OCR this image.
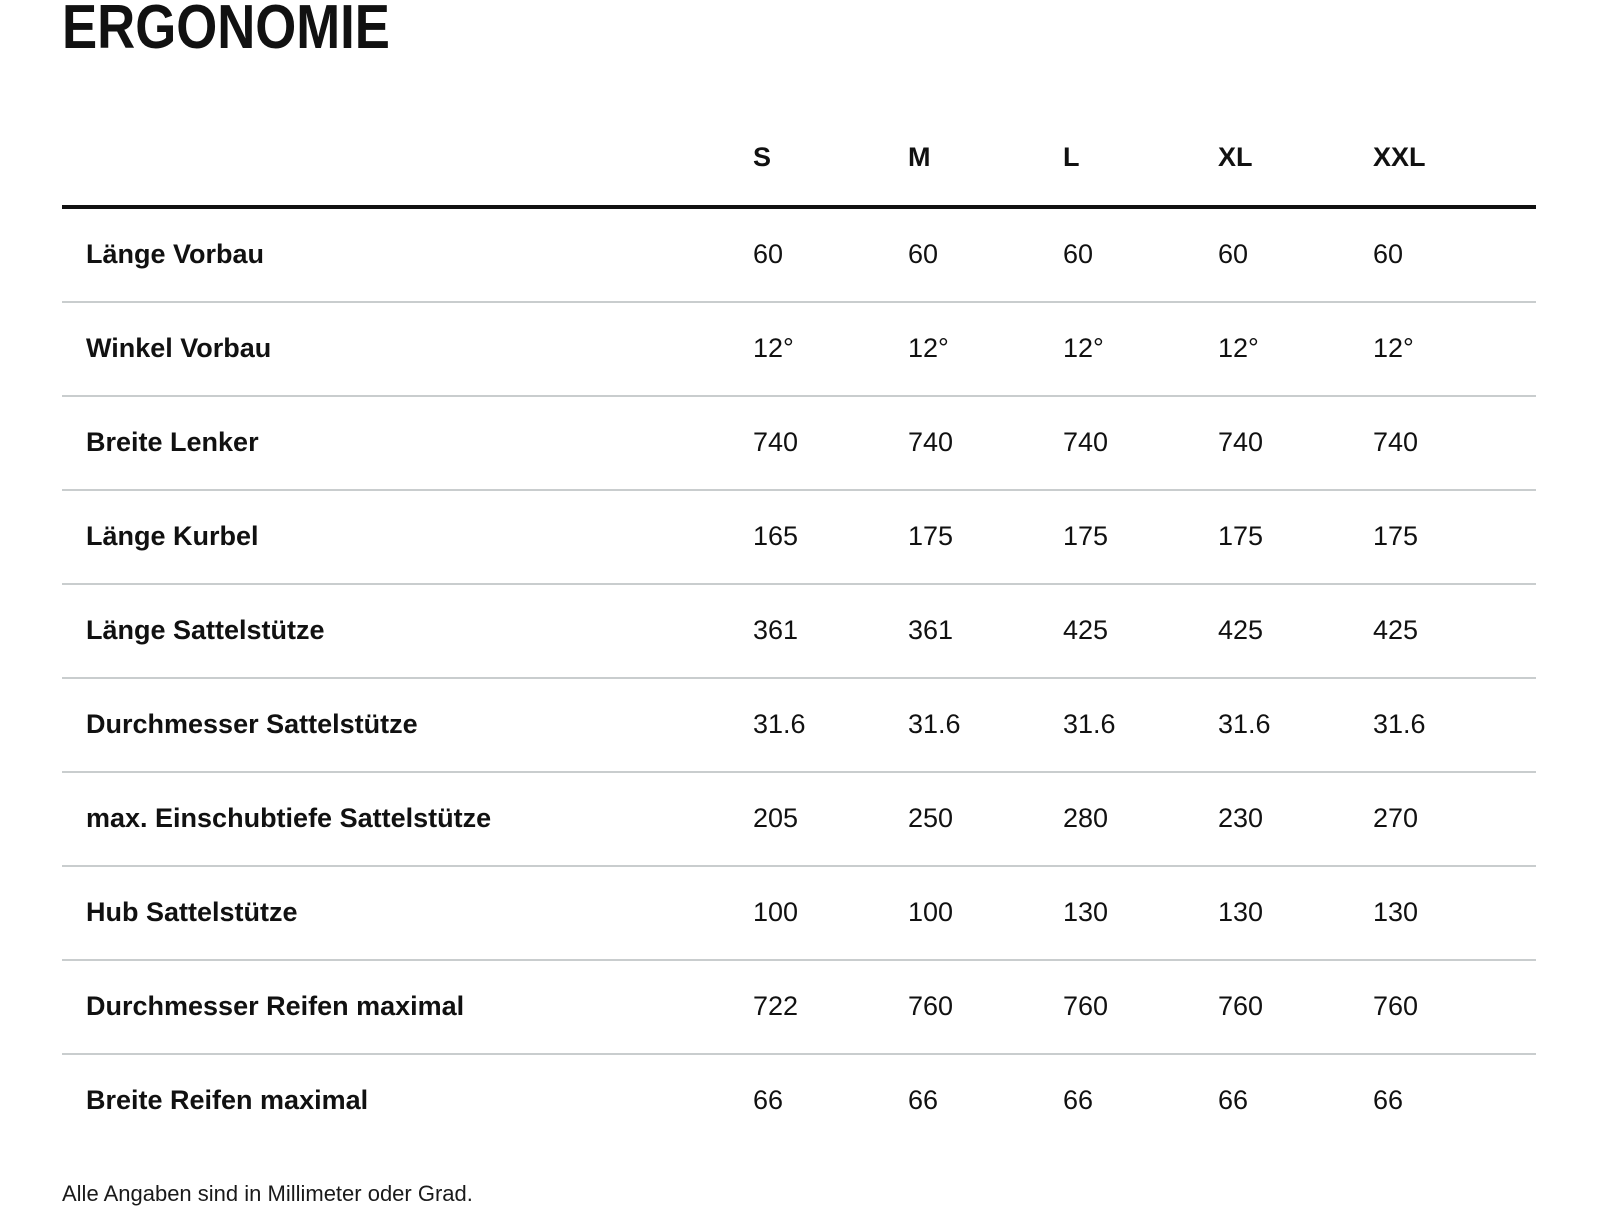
ERGONOMIE
	S	M	L	XL	XXL
Länge Vorbau	60	60	60	60	60
Winkel Vorbau	12°	12°	12°	12°	12°
Breite Lenker	740	740	740	740	740
Länge Kurbel	165	175	175	175	175
Länge Sattelstütze	361	361	425	425	425
Durchmesser Sattelstütze	31.6	31.6	31.6	31.6	31.6
max. Einschubtiefe Sattelstütze	205	250	280	230	270
Hub Sattelstütze	100	100	130	130	130
Durchmesser Reifen maximal	722	760	760	760	760
Breite Reifen maximal	66	66	66	66	66

Alle Angaben sind in Millimeter oder Grad.
